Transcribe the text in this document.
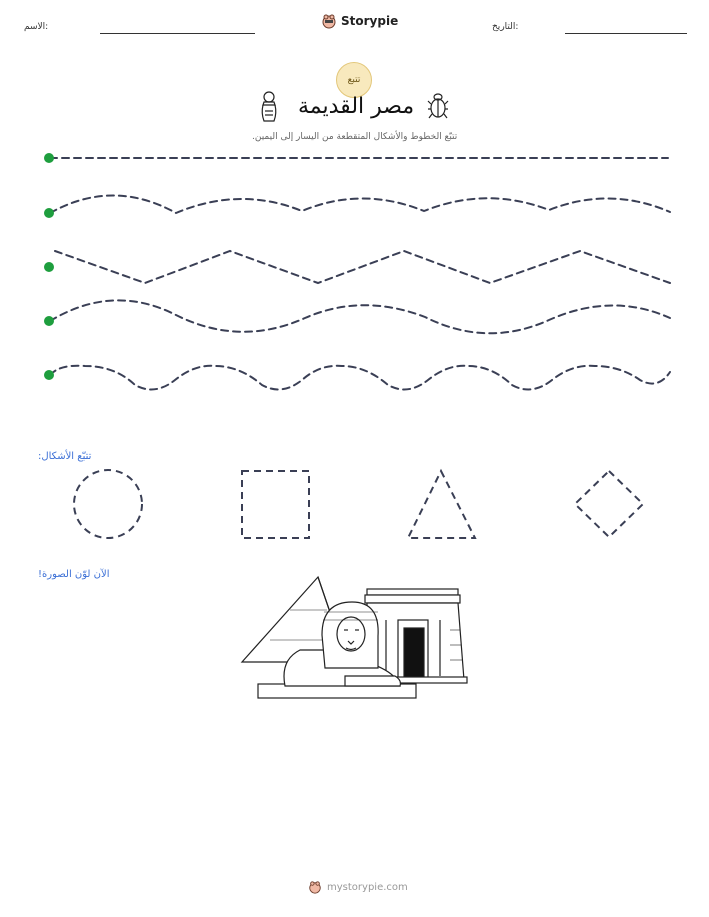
الاسم:	Storypie	التاريخ:
تتبع
مصر القديمة
تتبّع الخطوط والأشكال المتقطعة من اليسار إلى اليمين.
تتبّع الأشكال:
الآن لوّن الصورة!
mystorypie.com
